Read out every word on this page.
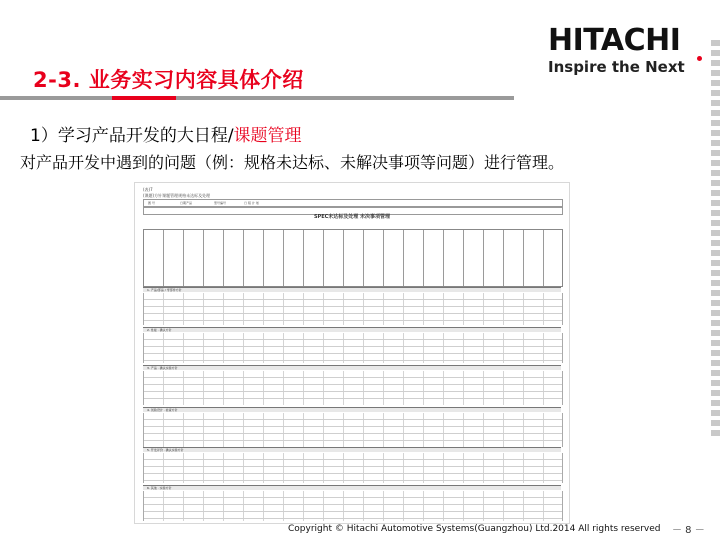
2-3. 业务实习内容具体介绍
HITACHI
Inspire the Next
1）学习产品开发的大日程/课题管理
对产品开发中遇到的问题（例：规格未达标、未解决事项等问题）进行管理。
(表)7
(课题)方针课题管理规格未达标及处理
图 号	日期产品	型号编号	日 程 计 划
SPEC未达标及处理 未决事项管理
1. 产品/部品 / 零部件方针
2. 性能 · 确认方针
3. 产品 · 确认实验方针
4. 试验设计 · 检查方针
5. 开发评价 · 确认实验方针
6. 其他 · 实验方针
Copyright © Hitachi Automotive Systems(Guangzhou) Ltd.2014 All rights reserved － 8 －
